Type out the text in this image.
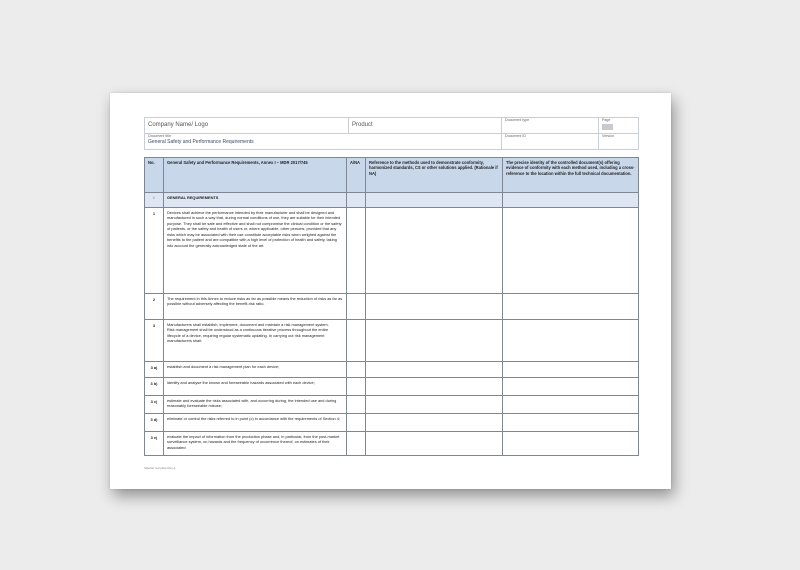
Company Name/ Logo	Product	Document type	Page

Document title
General Safety and Performance Requirements		Document ID	Version
No.	General Safety and Performance Requirements, Annex I – MDR 2017/745	A/NA	Reference to the methods used to demonstrate conformity, harmonized standards, CS or other solutions applied. (Rationale if NA)	The precise identity of the controlled document(s) offering evidence of conformity with each method used, including a cross-reference to the location within the full technical documentation.
I	GENERAL REQUIREMENTS			
1	Devices shall achieve the performance intended by their manufacturer and shall be designed and manufactured in such a way that, during normal conditions of use, they are suitable for their intended purpose. They shall be safe and effective and shall not compromise the clinical condition or the safety of patients, or the safety and health of users or, where applicable, other persons, provided that any risks which may be associated with their use constitute acceptable risks when weighed against the benefits to the patient and are compatible with a high level of protection of health and safety, taking into account the generally acknowledged state of the art.			
2	The requirement in this Annex to reduce risks as far as possible means the reduction of risks as far as possible without adversely affecting the benefit-risk ratio.			
3	Manufacturers shall establish, implement, document and maintain a risk management system.
Risk management shall be understood as a continuous iterative process throughout the entire lifecycle of a device, requiring regular systematic updating. In carrying out risk management manufacturers shall:			

3 a)	establish and document a risk management plan for each device;			
3 b)	identify and analyse the known and foreseeable hazards associated with each device;			
3 c)	estimate and evaluate the risks associated with, and occurring during, the intended use and during reasonably foreseeable misuse;			
3 d)	eliminate or control the risks referred to in point (c) in accordance with the requirements of Section 4;			
3 e)	evaluate the impact of information from the production phase and, in particular, from the post-market surveillance system, on hazards and the frequency of occurrence thereof, on estimates of their associated			
Sidebar template Rev A
